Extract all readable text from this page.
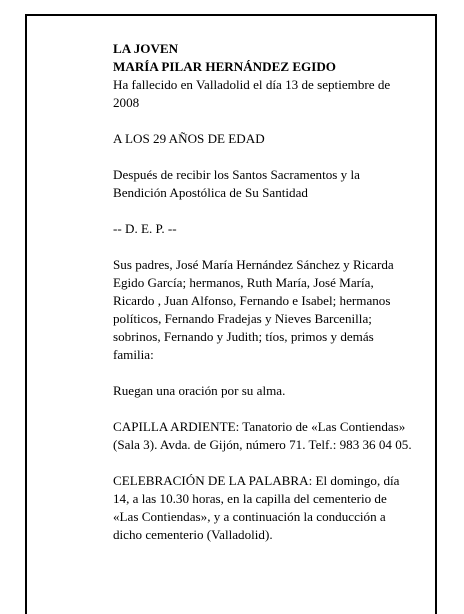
LA JOVEN

MARÍA PILAR HERNÁNDEZ EGIDO

Ha fallecido en Valladolid el día 13 de septiembre de 2008

A LOS 29 AÑOS DE EDAD

Después de recibir los Santos Sacramentos y la Bendición Apostólica de Su Santidad

-- D. E. P. --

Sus padres, José María Hernández Sánchez y Ricarda Egido García; hermanos, Ruth María, José María, Ricardo , Juan Alfonso, Fernando e Isabel; hermanos políticos, Fernando Fradejas y Nieves Barcenilla; sobrinos, Fernando y Judith; tíos, primos y demás familia:

Ruegan una oración por su alma.

CAPILLA ARDIENTE: Tanatorio de «Las Contiendas» (Sala 3). Avda. de Gijón, número 71. Telf.: 983 36 04 05.

CELEBRACIÓN DE LA PALABRA: El domingo, día 14, a las 10.30 horas, en la capilla del cementerio de «Las Contiendas», y a continuación la conducción a dicho cementerio (Valladolid).
